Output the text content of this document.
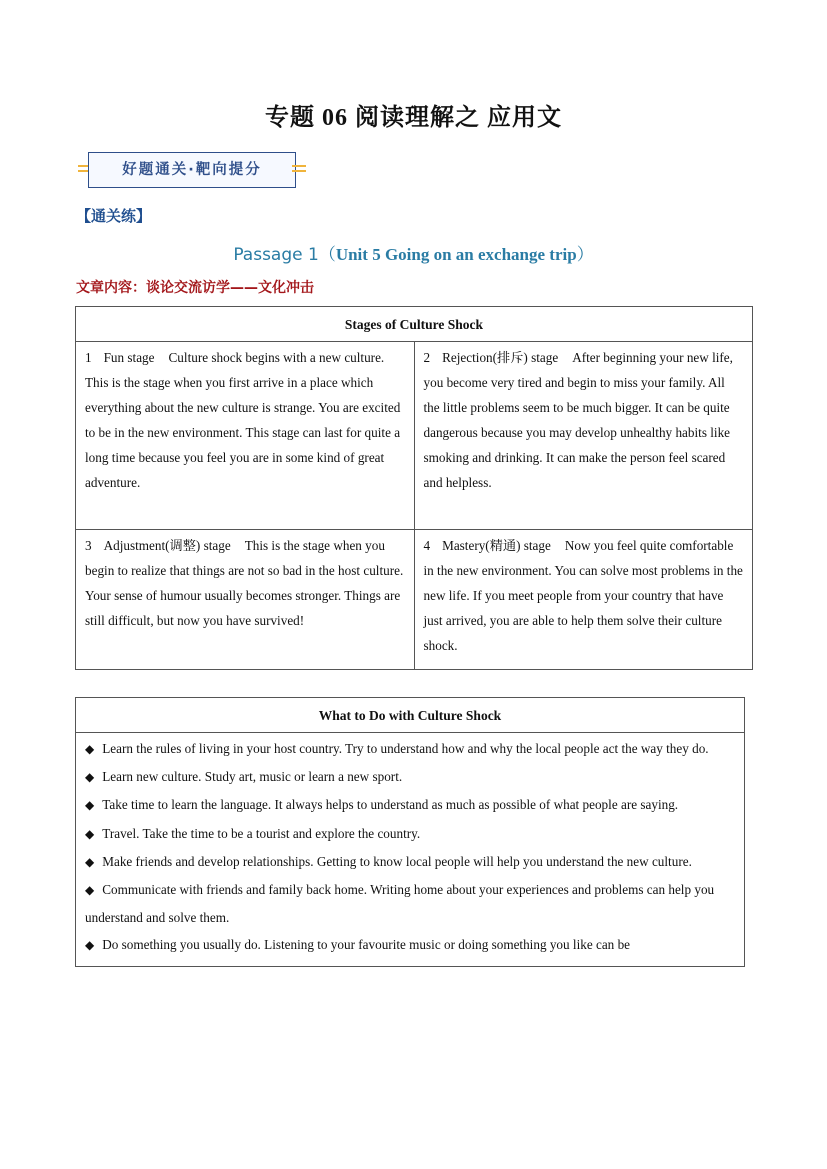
专题 06 阅读理解之 应用文
好题通关·靶向提分
【通关练】
Passage 1（Unit 5 Going on an exchange trip）
文章内容：谈论交流访学——文化冲击
Stages of Culture Shock	
1 Fun stage Culture shock begins with a new culture. This is the stage when you first arrive in a place which everything about the new culture is strange. You are excited to be in the new environment. This stage can last for quite a long time because you feel you are in some kind of great adventure.	2 Rejection(排斥) stage After beginning your new life, you become very tired and begin to miss your family. All the little problems seem to be much bigger. It can be quite dangerous because you may develop unhealthy habits like smoking and drinking. It can make the person feel scared and helpless.
3 Adjustment(调整) stage This is the stage when you begin to realize that things are not so bad in the host culture. Your sense of humour usually becomes stronger. Things are still difficult, but now you have survived!	4 Mastery(精通) stage Now you feel quite comfortable in the new environment. You can solve most problems in the new life. If you meet people from your country that have just arrived, you are able to help them solve their culture shock.
What to Do with Culture Shock

◆ Learn the rules of living in your host country. Try to understand how and why the local people act the way they do.
◆ Learn new culture. Study art, music or learn a new sport.
◆ Take time to learn the language. It always helps to understand as much as possible of what people are saying.
◆ Travel. Take the time to be a tourist and explore the country.
◆ Make friends and develop relationships. Getting to know local people will help you understand the new culture.
◆ Communicate with friends and family back home. Writing home about your experiences and problems can help you understand and solve them.
◆ Do something you usually do. Listening to your favourite music or doing something you like can be
